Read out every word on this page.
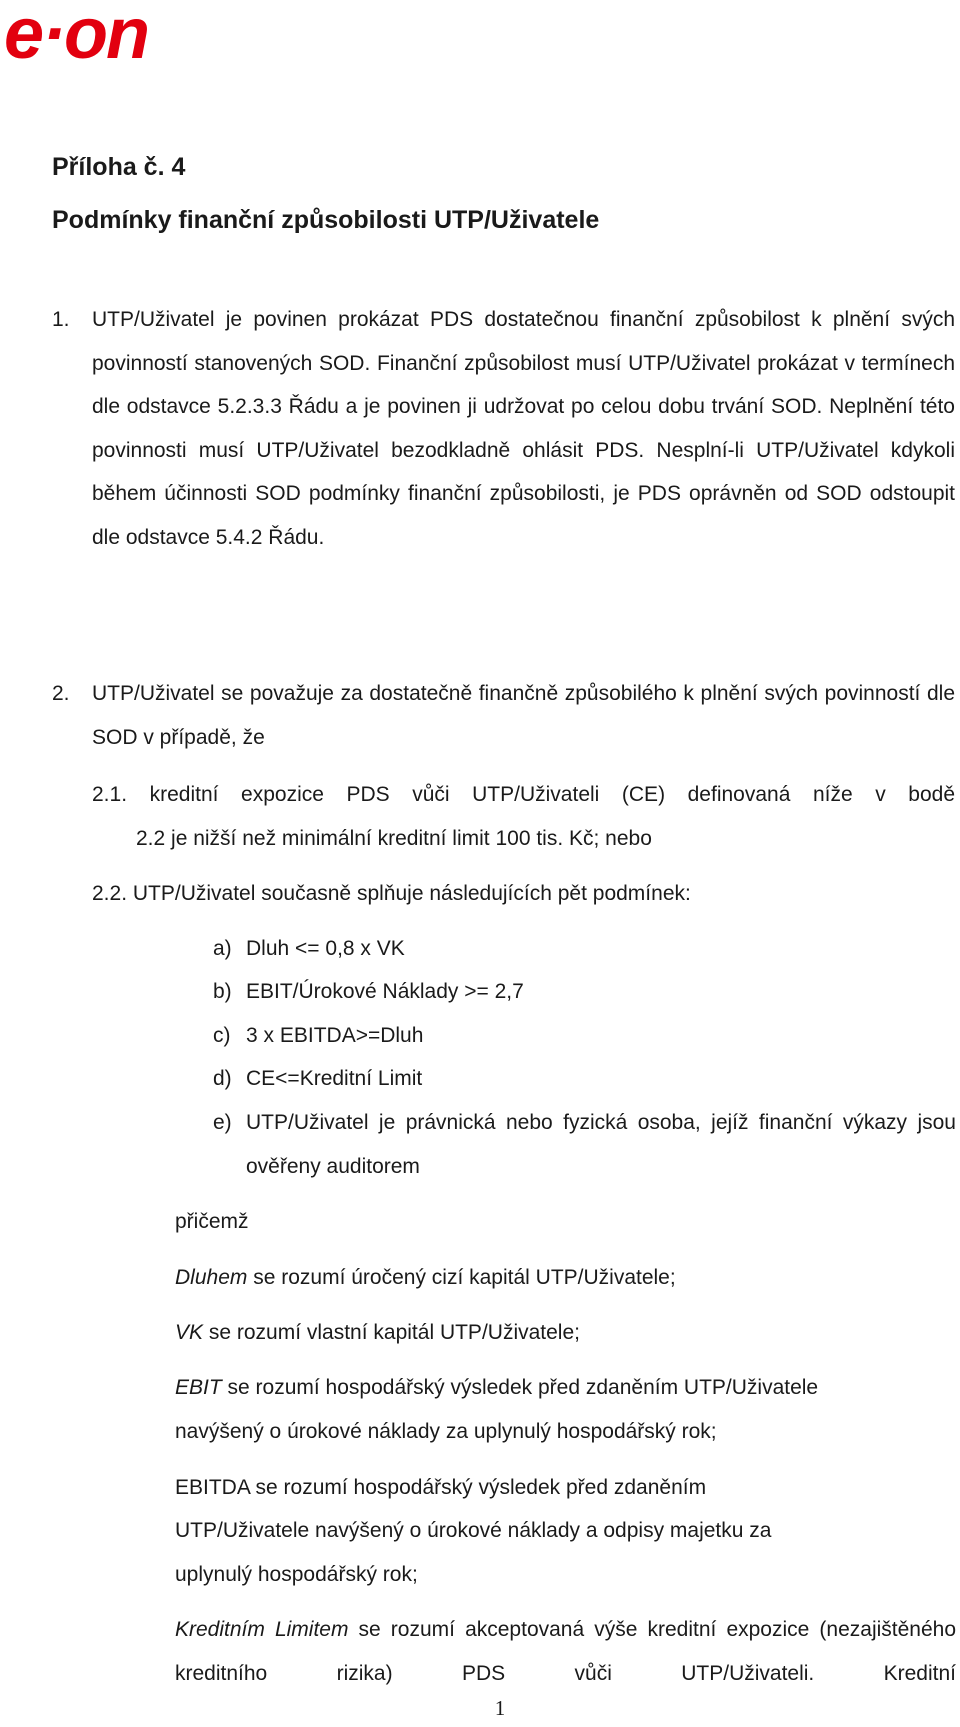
e·on
Příloha č. 4
Podmínky finanční způsobilosti UTP/Uživatele
1. UTP/Uživatel je povinen prokázat PDS dostatečnou finanční způsobilost k plnění svých povinností stanovených SOD. Finanční způsobilost musí UTP/Uživatel prokázat v termínech dle odstavce 5.2.3.3 Řádu a je povinen ji udržovat po celou dobu trvání SOD. Neplnění této povinnosti musí UTP/Uživatel bezodkladně ohlásit PDS. Nesplní-li UTP/Uživatel kdykoli během účinnosti SOD podmínky finanční způsobilosti, je PDS oprávněn od SOD odstoupit dle odstavce 5.4.2 Řádu.
2. UTP/Uživatel se považuje za dostatečně finančně způsobilého k plnění svých povinností dle SOD v případě, že
2.1. kreditní expozice PDS vůči UTP/Uživateli (CE) definovaná níže v bodě
2.2 je nižší než minimální kreditní limit 100 tis. Kč; nebo
2.2. UTP/Uživatel současně splňuje následujících pět podmínek:
a) Dluh <= 0,8 x VK
b) EBIT/Úrokové Náklady >= 2,7
c) 3 x EBITDA>=Dluh
d) CE<=Kreditní Limit
e) UTP/Uživatel je právnická nebo fyzická osoba, jejíž finanční výkazy jsou ověřeny auditorem
přičemž
Dluhem se rozumí úročený cizí kapitál UTP/Uživatele;
VK se rozumí vlastní kapitál UTP/Uživatele;
EBIT se rozumí hospodářský výsledek před zdaněním UTP/Uživatele
navýšený o úrokové náklady za uplynulý hospodářský rok;
EBITDA se rozumí hospodářský výsledek před zdaněním
UTP/Uživatele navýšený o úrokové náklady a odpisy majetku za
uplynulý hospodářský rok;
Kreditním Limitem se rozumí akceptovaná výše kreditní expozice (nezajištěného kreditního rizika) PDS vůči UTP/Uživateli. Kreditní
1
